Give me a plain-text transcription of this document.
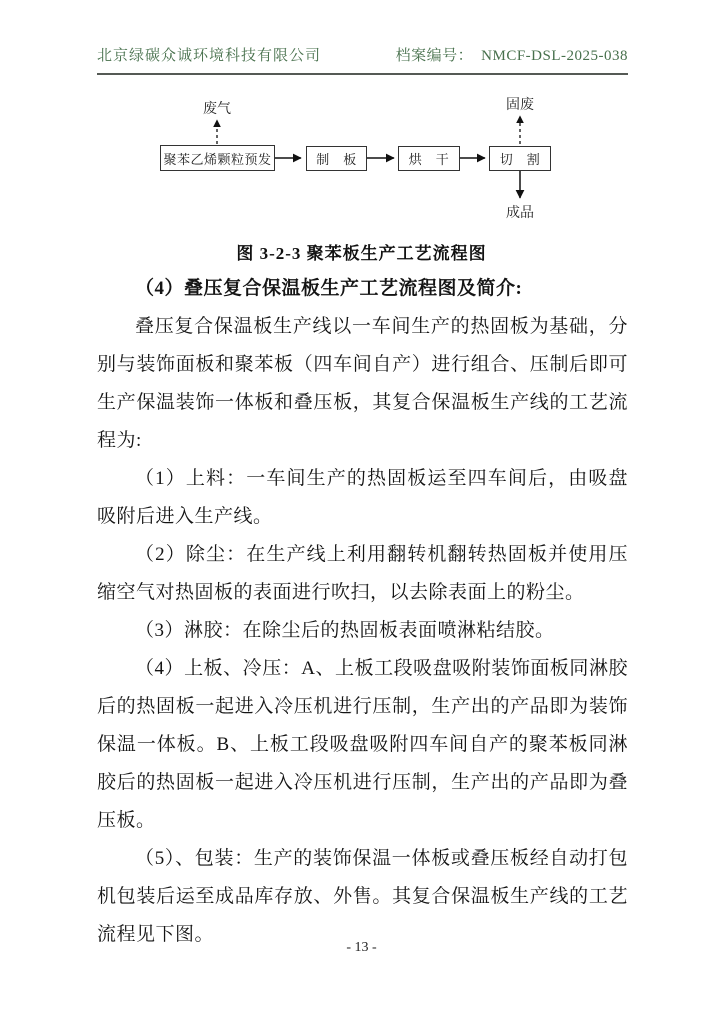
北京绿碳众诚环境科技有限公司	档案编号： NMCF-DSL-2025-038
废气	固废
成品
聚苯乙烯颗粒预发	制　板	烘　干	切　割
图 3-2-3 聚苯板生产工艺流程图
（4）叠压复合保温板生产工艺流程图及简介:

叠压复合保温板生产线以一车间生产的热固板为基础，分别与装饰面板和聚苯板（四车间自产）进行组合、压制后即可生产保温装饰一体板和叠压板，其复合保温板生产线的工艺流程为:

（1）上料：一车间生产的热固板运至四车间后，由吸盘吸附后进入生产线。

（2）除尘：在生产线上利用翻转机翻转热固板并使用压缩空气对热固板的表面进行吹扫，以去除表面上的粉尘。

（3）淋胶：在除尘后的热固板表面喷淋粘结胶。

（4）上板、冷压：A、上板工段吸盘吸附装饰面板同淋胶后的热固板一起进入冷压机进行压制，生产出的产品即为装饰保温一体板。B、上板工段吸盘吸附四车间自产的聚苯板同淋胶后的热固板一起进入冷压机进行压制，生产出的产品即为叠压板。

（5）、包装：生产的装饰保温一体板或叠压板经自动打包机包装后运至成品库存放、外售。其复合保温板生产线的工艺流程见下图。

- 13 -
